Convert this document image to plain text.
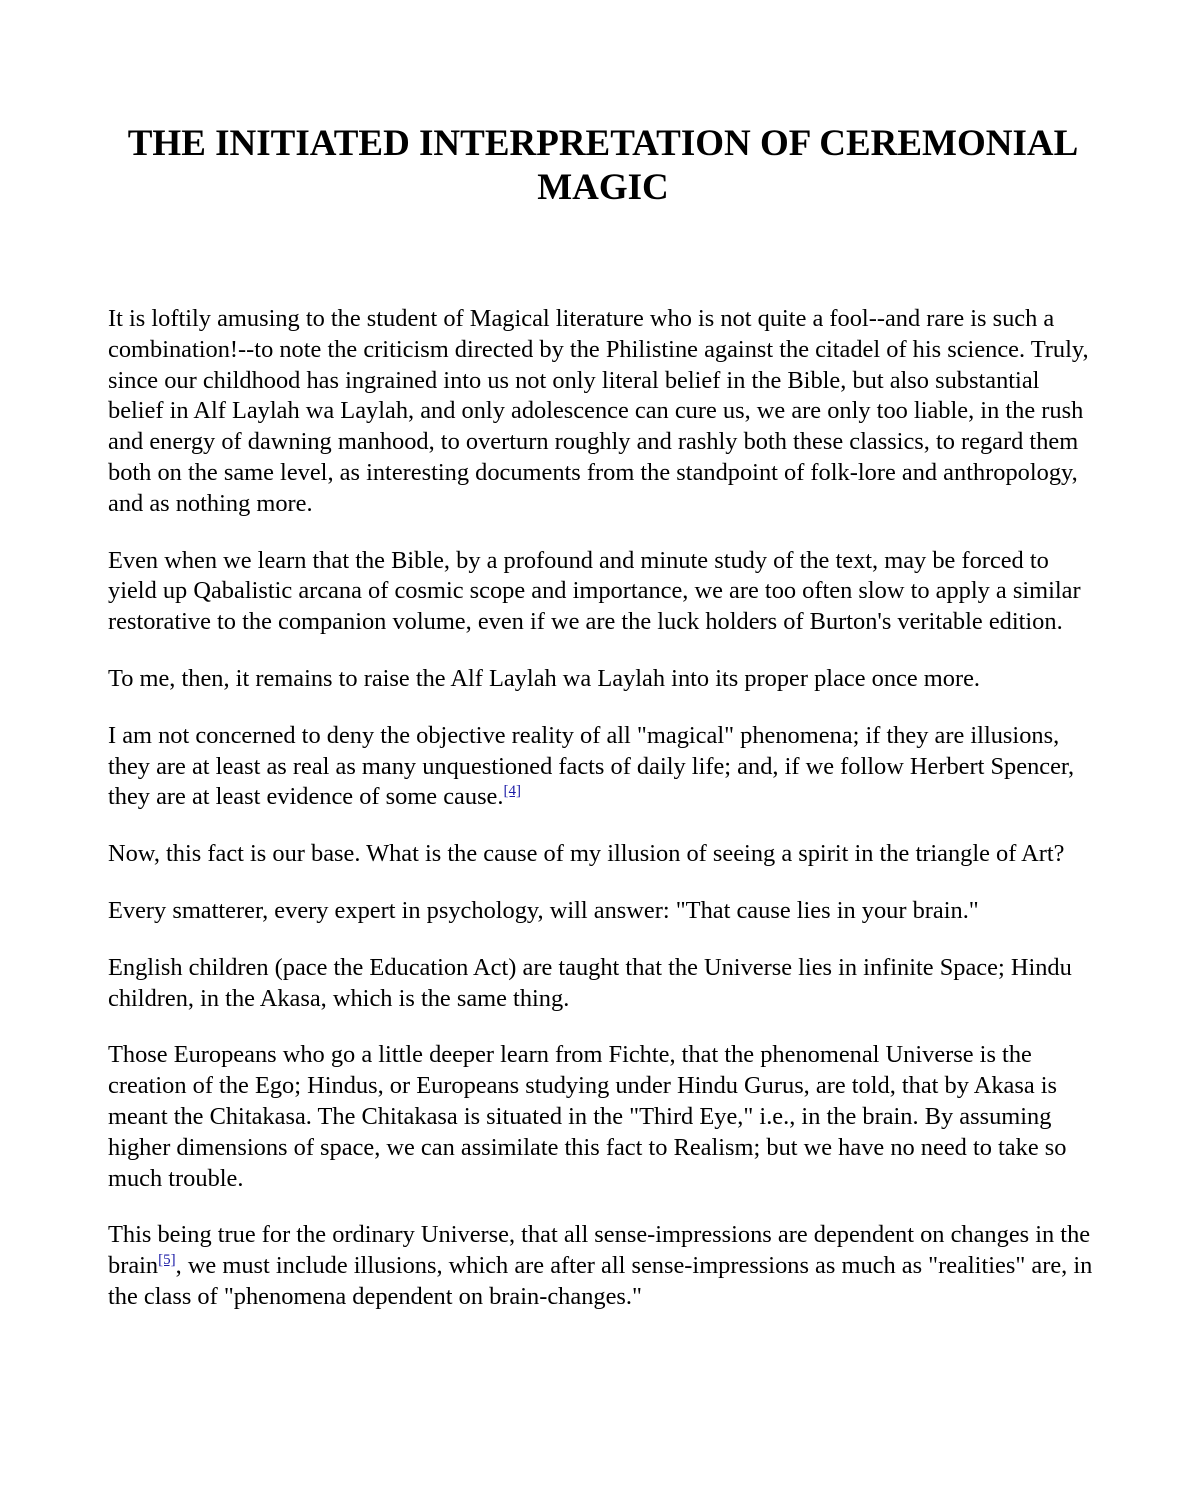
THE INITIATED INTERPRETATION OF CEREMONIAL MAGIC

It is loftily amusing to the student of Magical literature who is not quite a fool--and rare is such a combination!--to note the criticism directed by the Philistine against the citadel of his science. Truly, since our childhood has ingrained into us not only literal belief in the Bible, but also substantial belief in Alf Laylah wa Laylah, and only adolescence can cure us, we are only too liable, in the rush and energy of dawning manhood, to overturn roughly and rashly both these classics, to regard them both on the same level, as interesting documents from the standpoint of folk-lore and anthropology, and as nothing more.

Even when we learn that the Bible, by a profound and minute study of the text, may be forced to yield up Qabalistic arcana of cosmic scope and importance, we are too often slow to apply a similar restorative to the companion volume, even if we are the luck holders of Burton's veritable edition.

To me, then, it remains to raise the Alf Laylah wa Laylah into its proper place once more.

I am not concerned to deny the objective reality of all "magical" phenomena; if they are illusions, they are at least as real as many unquestioned facts of daily life; and, if we follow Herbert Spencer, they are at least evidence of some cause.[4]

Now, this fact is our base. What is the cause of my illusion of seeing a spirit in the triangle of Art?

Every smatterer, every expert in psychology, will answer: "That cause lies in your brain."

English children (pace the Education Act) are taught that the Universe lies in infinite Space; Hindu children, in the Akasa, which is the same thing.

Those Europeans who go a little deeper learn from Fichte, that the phenomenal Universe is the creation of the Ego; Hindus, or Europeans studying under Hindu Gurus, are told, that by Akasa is meant the Chitakasa. The Chitakasa is situated in the "Third Eye," i.e., in the brain. By assuming higher dimensions of space, we can assimilate this fact to Realism; but we have no need to take so much trouble.

This being true for the ordinary Universe, that all sense-impressions are dependent on changes in the brain[5], we must include illusions, which are after all sense-impressions as much as "realities" are, in the class of "phenomena dependent on brain-changes."
